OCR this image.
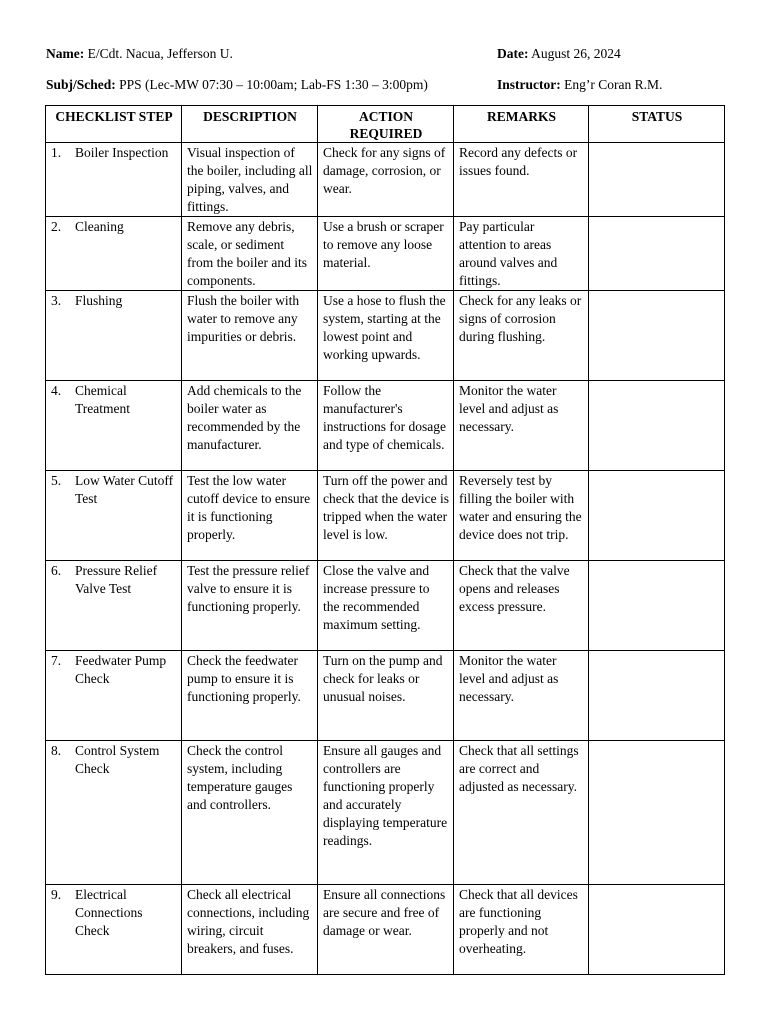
Name: E/Cdt. Nacua, Jefferson U.	Date: August 26, 2024
Subj/Sched: PPS (Lec-MW 07:30 – 10:00am; Lab-FS 1:30 – 3:00pm)	Instructor: Eng’r Coran R.M.
CHECKLIST STEP	DESCRIPTION	ACTION REQUIRED	REMARKS	STATUS

1. Boiler Inspection	Visual inspection of the boiler, including all piping, valves, and fittings.	Check for any signs of damage, corrosion, or wear.	Record any defects or issues found.	

2. Cleaning	Remove any debris, scale, or sediment from the boiler and its components.	Use a brush or scraper to remove any loose material.	Pay particular attention to areas around valves and fittings.	

3. Flushing	Flush the boiler with water to remove any impurities or debris.	Use a hose to flush the system, starting at the lowest point and working upwards.	Check for any leaks or signs of corrosion during flushing.	

4. Chemical Treatment	Add chemicals to the boiler water as recommended by the manufacturer.	Follow the manufacturer's instructions for dosage and type of chemicals.	Monitor the water level and adjust as necessary.	

5. Low Water Cutoff Test	Test the low water cutoff device to ensure it is functioning properly.	Turn off the power and check that the device is tripped when the water level is low.	Reversely test by filling the boiler with water and ensuring the device does not trip.	

6. Pressure Relief Valve Test	Test the pressure relief valve to ensure it is functioning properly.	Close the valve and increase pressure to the recommended maximum setting.	Check that the valve opens and releases excess pressure.	

7. Feedwater Pump Check	Check the feedwater pump to ensure it is functioning properly.	Turn on the pump and check for leaks or unusual noises.	Monitor the water level and adjust as necessary.	

8. Control System Check	Check the control system, including temperature gauges and controllers.	Ensure all gauges and controllers are functioning properly and accurately displaying temperature readings.	Check that all settings are correct and adjusted as necessary.	

9. Electrical Connections Check	Check all electrical connections, including wiring, circuit breakers, and fuses.	Ensure all connections are secure and free of damage or wear.	Check that all devices are functioning properly and not overheating.	
